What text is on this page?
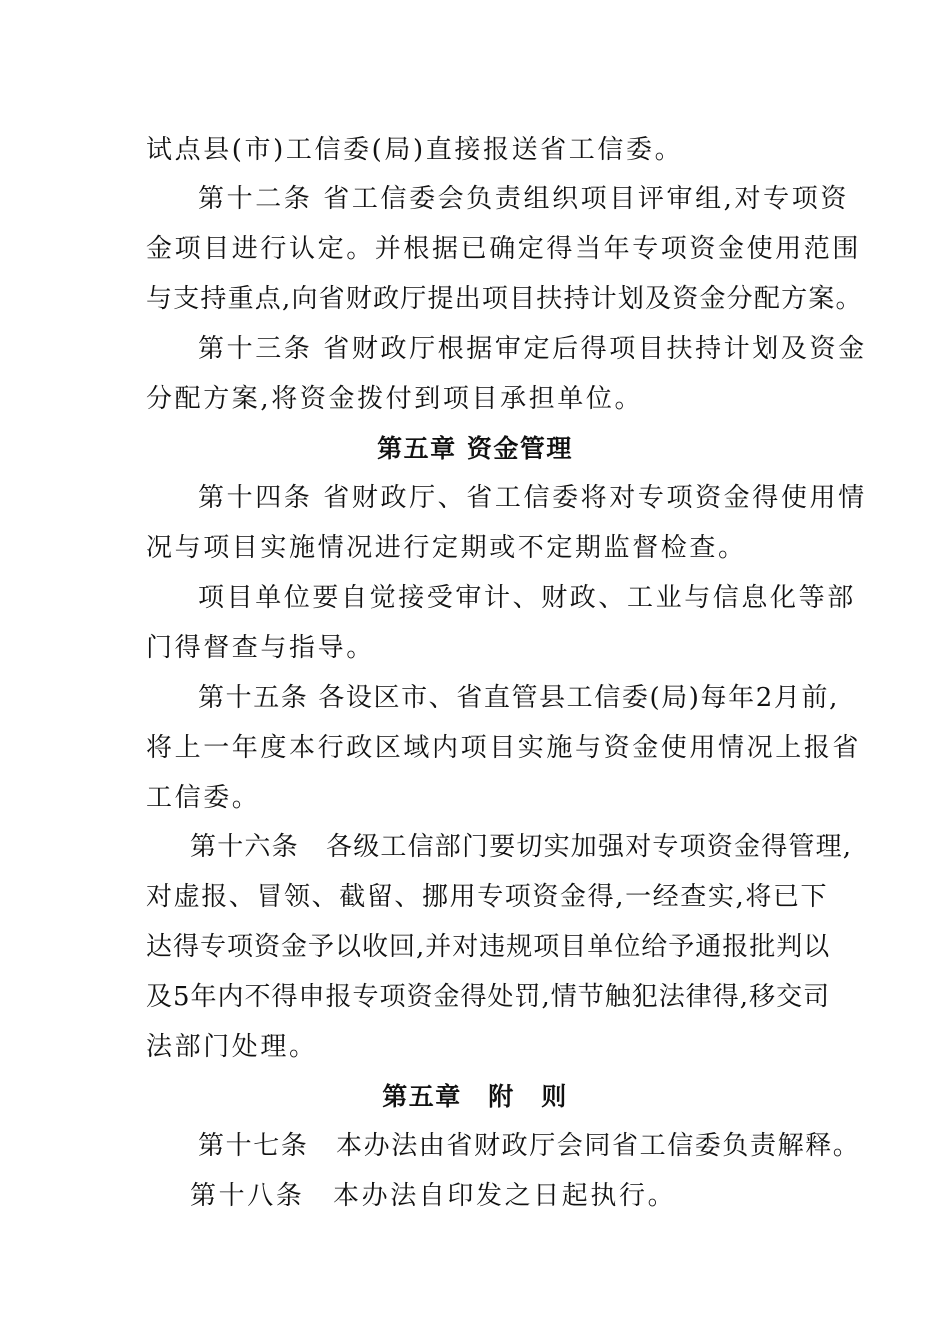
试点县(市)工信委(局)直接报送省工信委。
第十二条 省工信委会负责组织项目评审组,对专项资
金项目进行认定。并根据已确定得当年专项资金使用范围
与支持重点,向省财政厅提出项目扶持计划及资金分配方案。
第十三条 省财政厅根据审定后得项目扶持计划及资金
分配方案,将资金拨付到项目承担单位。
第五章 资金管理
第十四条 省财政厅、省工信委将对专项资金得使用情
况与项目实施情况进行定期或不定期监督检查。
项目单位要自觉接受审计、财政、工业与信息化等部
门得督查与指导。
第十五条 各设区市、省直管县工信委(局)每年2月前,
将上一年度本行政区域内项目实施与资金使用情况上报省
工信委。
第十六条　各级工信部门要切实加强对专项资金得管理,
对虚报、冒领、截留、挪用专项资金得,一经查实,将已下
达得专项资金予以收回,并对违规项目单位给予通报批判以
及5年内不得申报专项资金得处罚,情节触犯法律得,移交司
法部门处理。
第五章　附　则
第十七条　本办法由省财政厅会同省工信委负责解释。
第十八条　本办法自印发之日起执行。
